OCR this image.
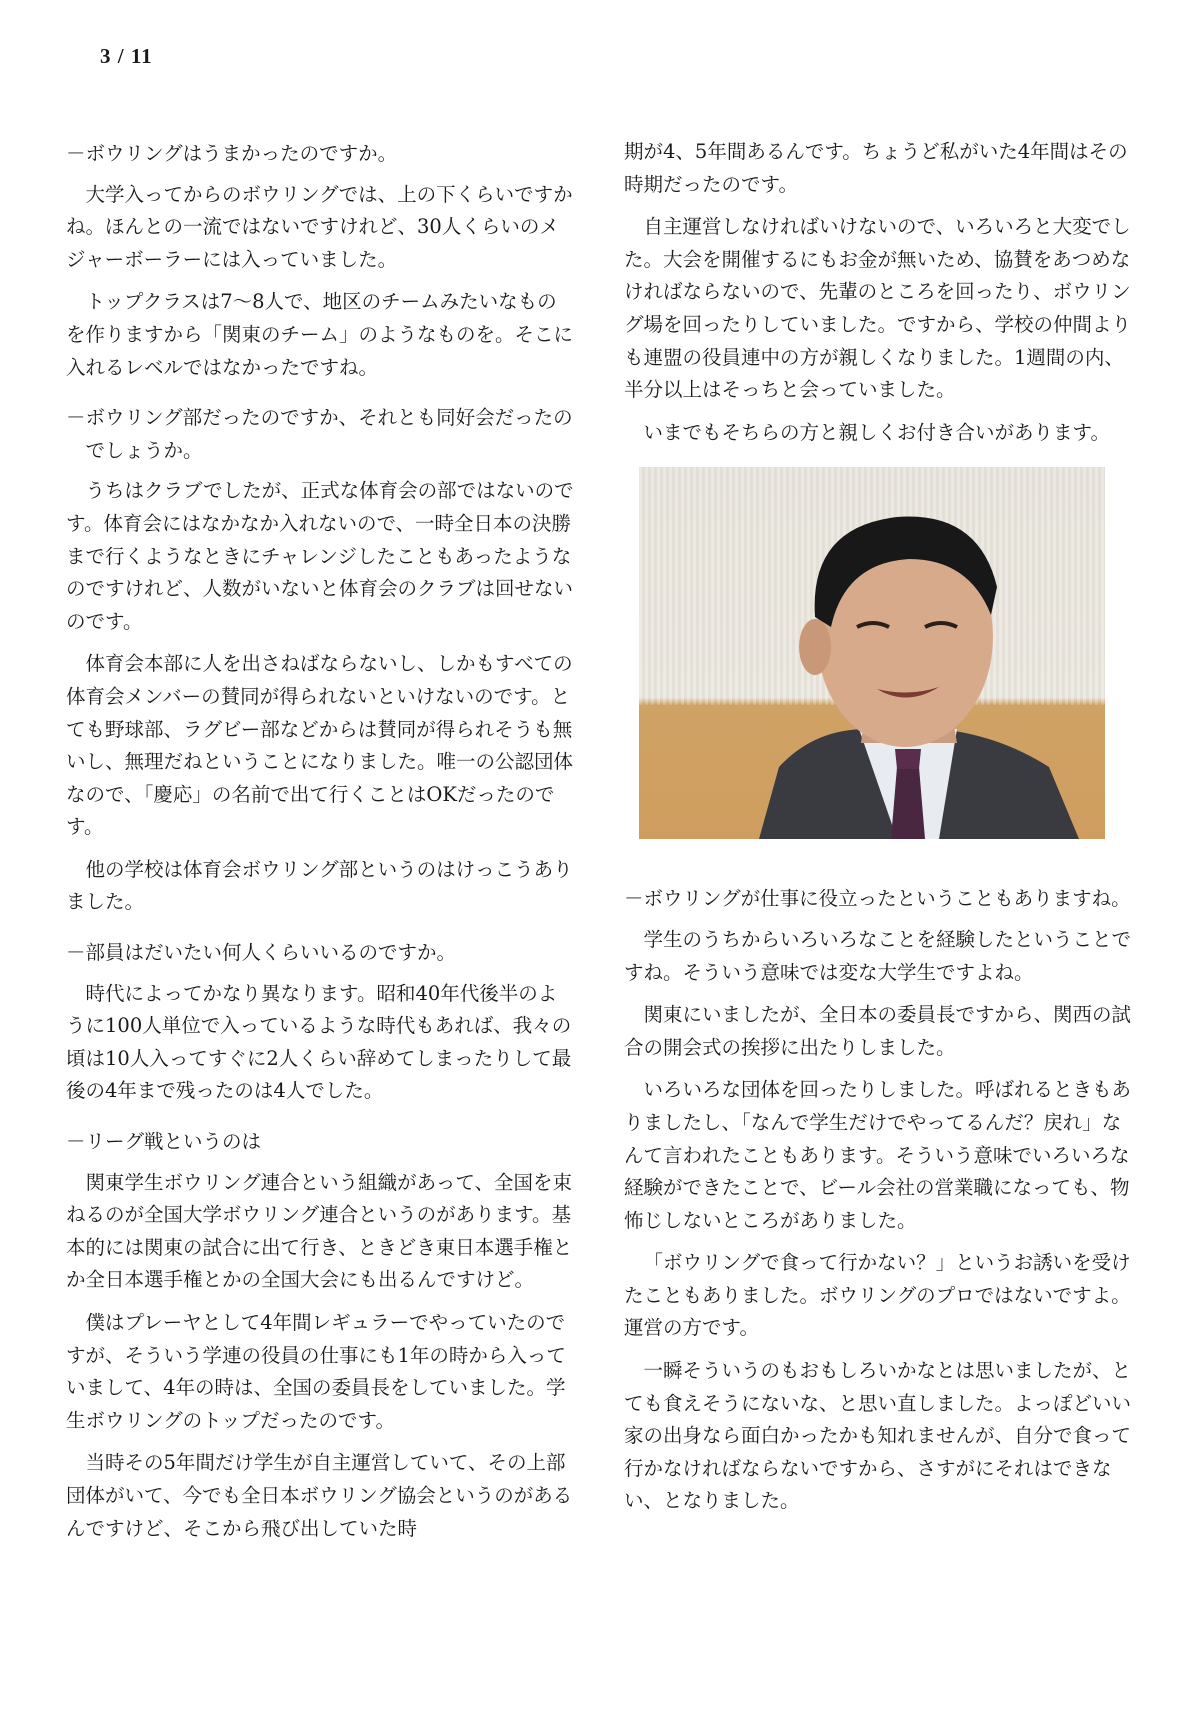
3 / 11
－ボウリングはうまかったのですか。

大学入ってからのボウリングでは、上の下くらいですかね。ほんとの一流ではないですけれど、30人くらいのメジャーボーラーには入っていました。

トップクラスは7～8人で、地区のチームみたいなものを作りますから「関東のチーム」のようなものを。そこに入れるレベルではなかったですね。

－ボウリング部だったのですか、それとも同好会だったのでしょうか。

うちはクラブでしたが、正式な体育会の部ではないのです。体育会にはなかなか入れないので、一時全日本の決勝まで行くようなときにチャレンジしたこともあったようなのですけれど、人数がいないと体育会のクラブは回せないのです。

体育会本部に人を出さねばならないし、しかもすべての体育会メンバーの賛同が得られないといけないのです。とても野球部、ラグビー部などからは賛同が得られそうも無いし、無理だねということになりました。唯一の公認団体なので、「慶応」の名前で出て行くことはOKだったのです。

他の学校は体育会ボウリング部というのはけっこうありました。

－部員はだいたい何人くらいいるのですか。

時代によってかなり異なります。昭和40年代後半のように100人単位で入っているような時代もあれば、我々の頃は10人入ってすぐに2人くらい辞めてしまったりして最後の4年まで残ったのは4人でした。

－リーグ戦というのは

関東学生ボウリング連合という組織があって、全国を束ねるのが全国大学ボウリング連合というのがあります。基本的には関東の試合に出て行き、ときどき東日本選手権とか全日本選手権とかの全国大会にも出るんですけど。

僕はプレーヤとして4年間レギュラーでやっていたのですが、そういう学連の役員の仕事にも1年の時から入っていまして、4年の時は、全国の委員長をしていました。学生ボウリングのトップだったのです。

当時その5年間だけ学生が自主運営していて、その上部団体がいて、今でも全日本ボウリング協会というのがあるんですけど、そこから飛び出していた時

期が4、5年間あるんです。ちょうど私がいた4年間はその時期だったのです。

自主運営しなければいけないので、いろいろと大変でした。大会を開催するにもお金が無いため、協賛をあつめなければならないので、先輩のところを回ったり、ボウリング場を回ったりしていました。ですから、学校の仲間よりも連盟の役員連中の方が親しくなりました。1週間の内、半分以上はそっちと会っていました。

いまでもそちらの方と親しくお付き合いがあります。

－ボウリングが仕事に役立ったということもありますね。

学生のうちからいろいろなことを経験したということですね。そういう意味では変な大学生ですよね。

関東にいましたが、全日本の委員長ですから、関西の試合の開会式の挨拶に出たりしました。

いろいろな団体を回ったりしました。呼ばれるときもありましたし、「なんで学生だけでやってるんだ？戻れ」なんて言われたこともあります。そういう意味でいろいろな経験ができたことで、ビール会社の営業職になっても、物怖じしないところがありました。

「ボウリングで食って行かない？」というお誘いを受けたこともありました。ボウリングのプロではないですよ。運営の方です。

一瞬そういうのもおもしろいかなとは思いましたが、とても食えそうにないな、と思い直しました。よっぽどいい家の出身なら面白かったかも知れませんが、自分で食って行かなければならないですから、さすがにそれはできない、となりました。
